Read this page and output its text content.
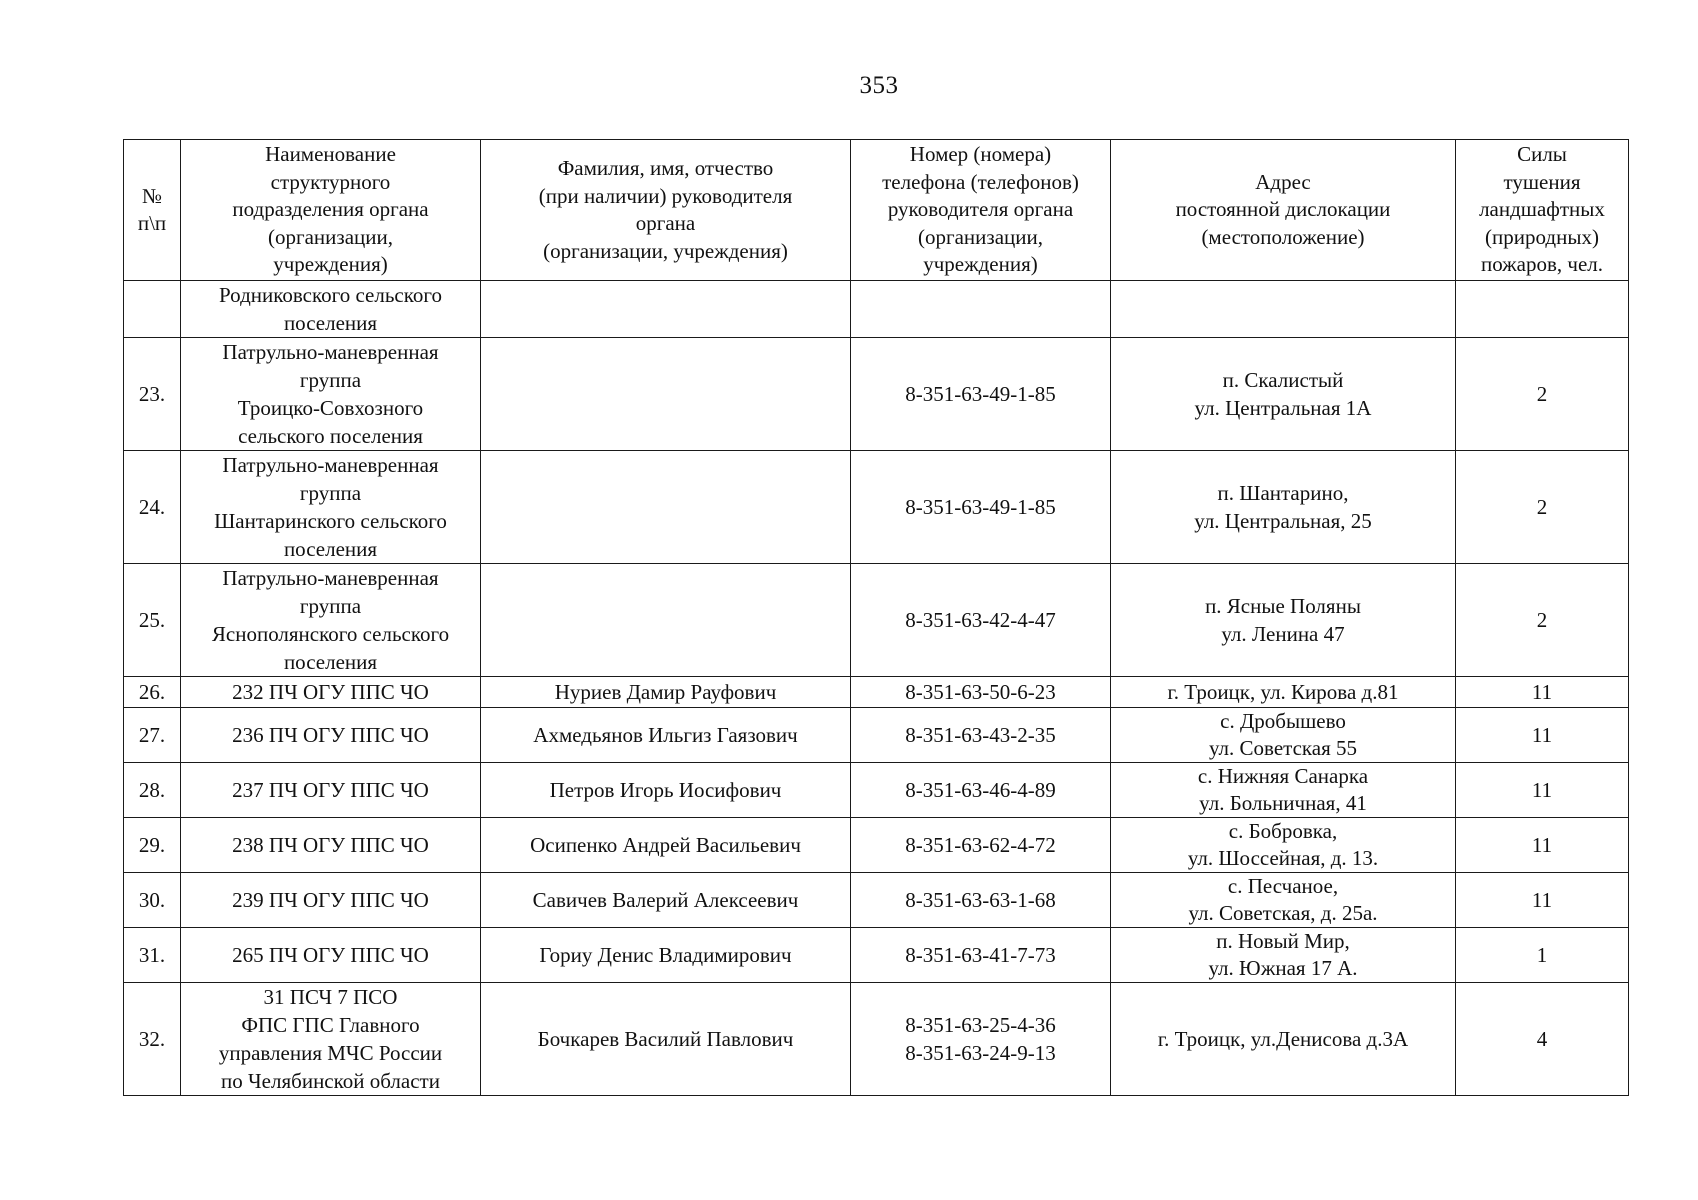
353
№
п\п	Наименование
структурного
подразделения органа
(организации,
учреждения)	Фамилия, имя, отчество
(при наличии) руководителя
органа
(организации, учреждения)	Номер (номера)
телефона (телефонов)
руководителя органа
(организации,
учреждения)	Адрес
постоянной дислокации
(местоположение)	Силы
тушения
ландшафтных
(природных)
пожаров, чел.

	Родниковского сельского
поселения				

23.	Патрульно-маневренная
группа
Троицко-Совхозного
сельского поселения		8-351-63-49-1-85	п. Скалистый
ул. Центральная 1А	2
24.	Патрульно-маневренная
группа
Шантаринского сельского
поселения		8-351-63-49-1-85	п. Шантарино,
ул. Центральная, 25	2
25.	Патрульно-маневренная
группа
Яснополянского сельского
поселения		8-351-63-42-4-47	п. Ясные Поляны
ул. Ленина 47	2
26.	232 ПЧ ОГУ ППС ЧО	Нуриев Дамир Рауфович	8-351-63-50-6-23	г. Троицк, ул. Кирова д.81	11
27.	236 ПЧ ОГУ ППС ЧО	Ахмедьянов Ильгиз Гаязович	8-351-63-43-2-35	с. Дробышево
ул. Советская 55	11
28.	237 ПЧ ОГУ ППС ЧО	Петров Игорь Иосифович	8-351-63-46-4-89	с. Нижняя Санарка
ул. Больничная, 41	11
29.	238 ПЧ ОГУ ППС ЧО	Осипенко Андрей Васильевич	8-351-63-62-4-72	с. Бобровка,
ул. Шоссейная, д. 13.	11
30.	239 ПЧ ОГУ ППС ЧО	Савичев Валерий Алексеевич	8-351-63-63-1-68	с. Песчаное,
ул. Советская, д. 25а.	11
31.	265 ПЧ ОГУ ППС ЧО	Гориу Денис Владимирович	8-351-63-41-7-73	п. Новый Мир,
ул. Южная 17 А.	1
32.	31 ПСЧ 7 ПСО
ФПС ГПС Главного
управления МЧС России
по Челябинской области	Бочкарев Василий Павлович	8-351-63-25-4-36
8-351-63-24-9-13	г. Троицк, ул.Денисова д.3А	4
